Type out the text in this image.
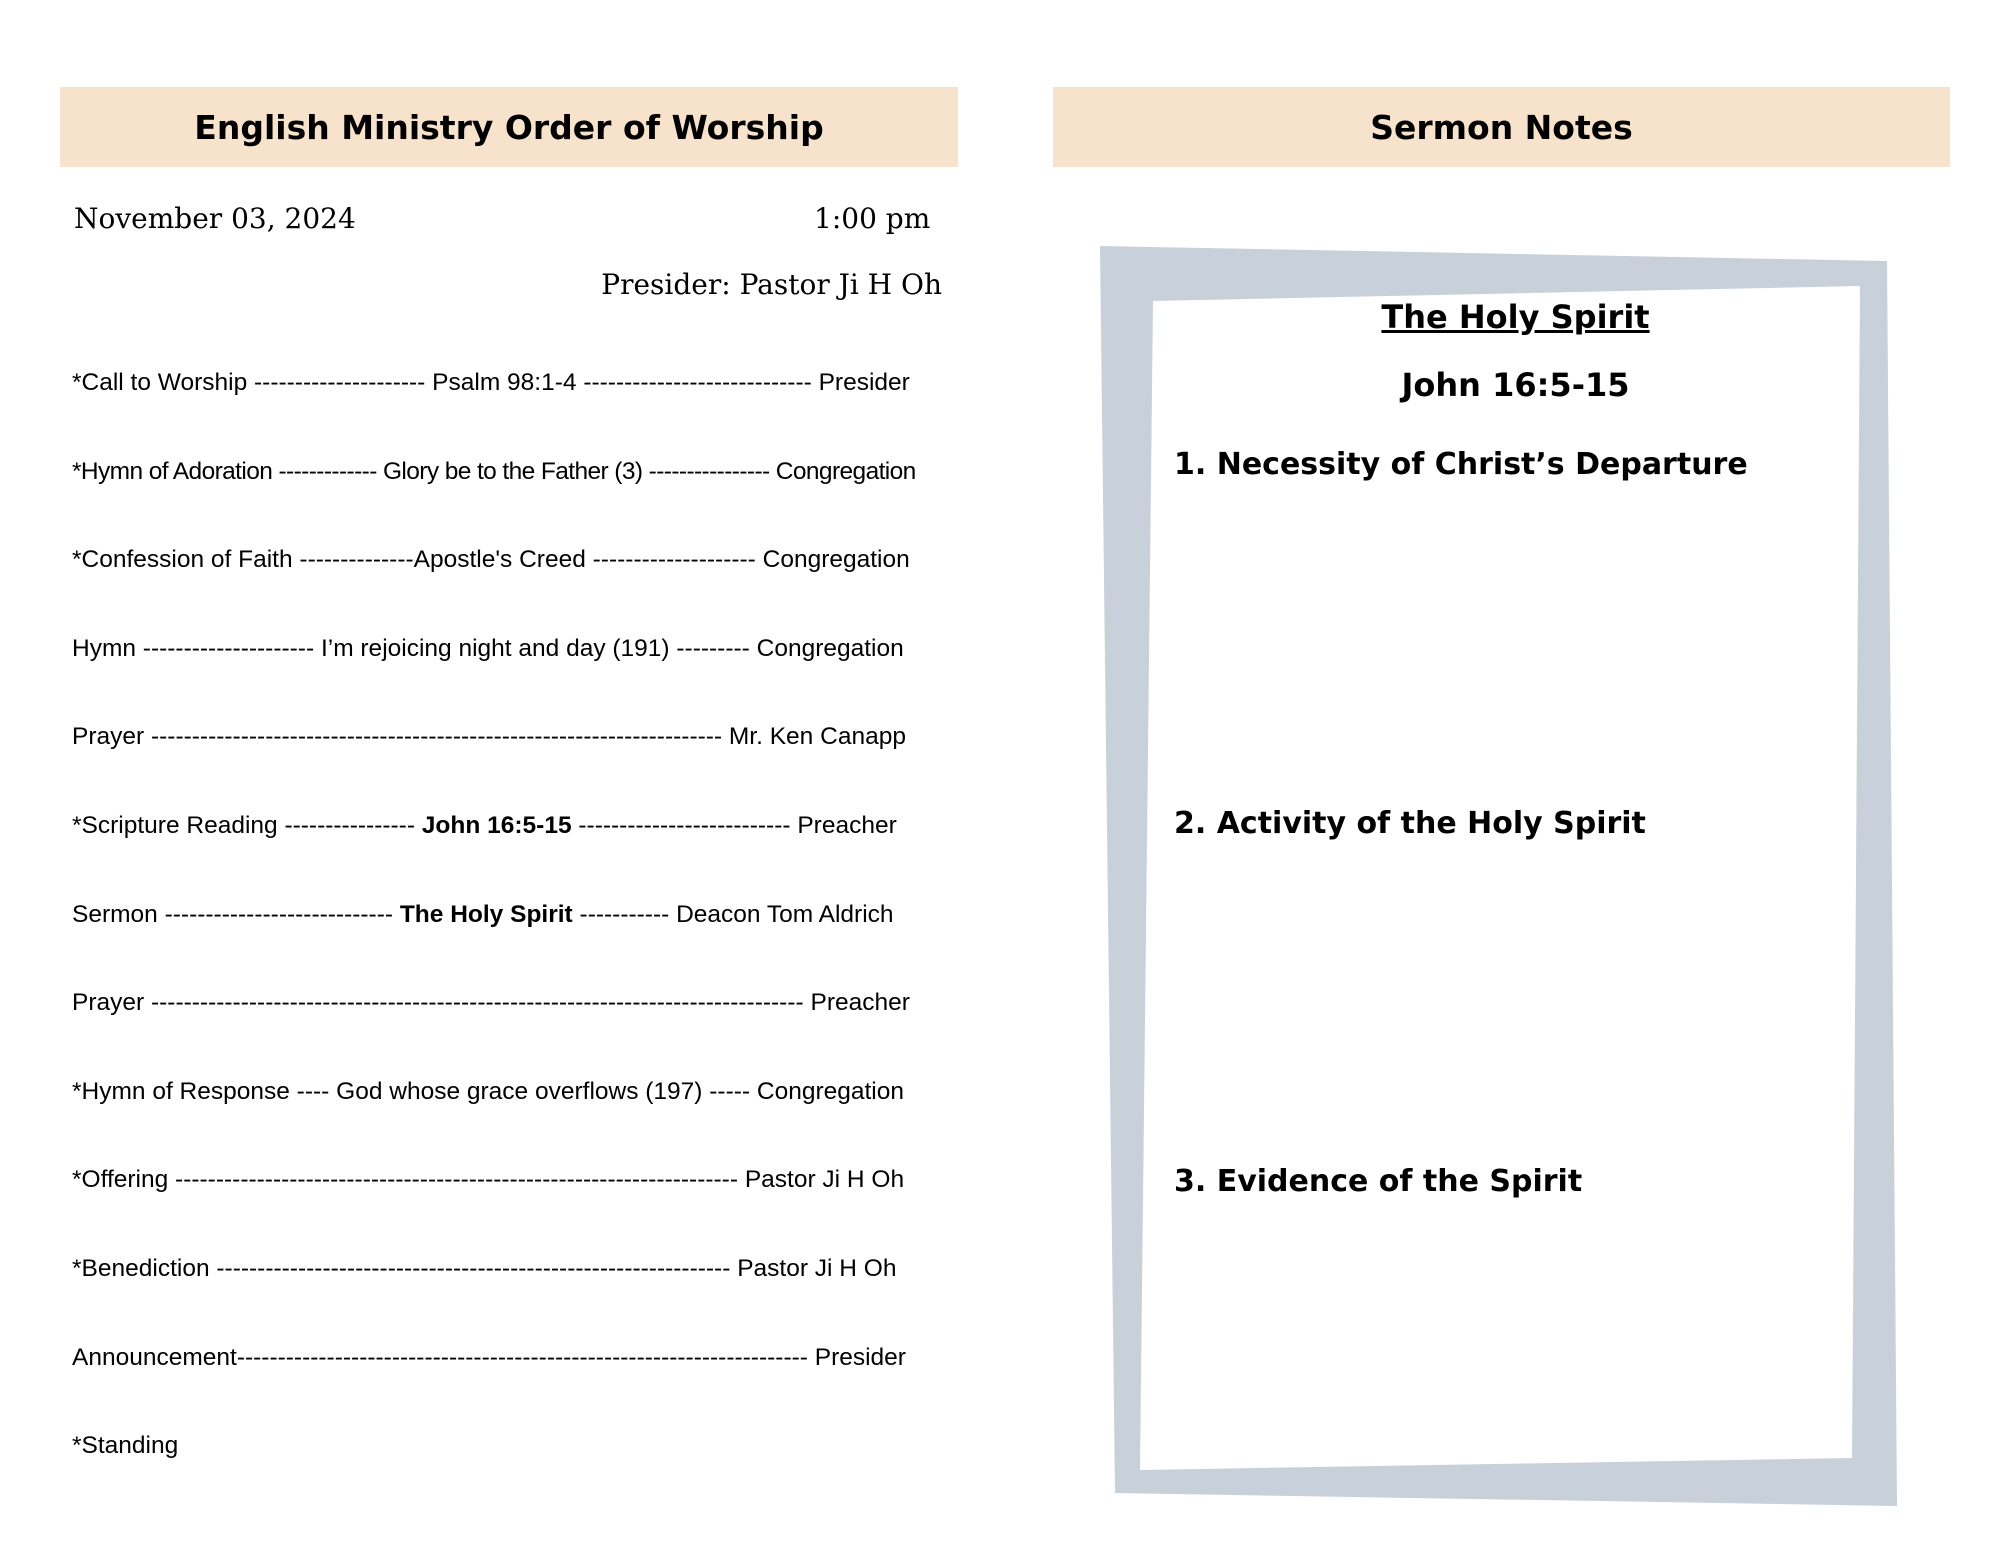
English Ministry Order of Worship	Sermon Notes
November 03, 2024	1:00 pm
Presider: Pastor Ji H Oh
*Call to Worship --------------------- Psalm 98:1-4 ---------------------------- Presider
*Hymn of Adoration ------------- Glory be to the Father (3) ---------------- Congregation
*Confession of Faith --------------Apostle's Creed -------------------- Congregation
Hymn --------------------- I’m rejoicing night and day (191) --------- Congregation
Prayer ---------------------------------------------------------------------- Mr. Ken Canapp
*Scripture Reading ---------------- John 16:5-15 -------------------------- Preacher
Sermon ---------------------------- The Holy Spirit ----------- Deacon Tom Aldrich
Prayer -------------------------------------------------------------------------------- Preacher
*Hymn of Response ---- God whose grace overflows (197) ----- Congregation
*Offering --------------------------------------------------------------------- Pastor Ji H Oh
*Benediction --------------------------------------------------------------- Pastor Ji H Oh
Announcement---------------------------------------------------------------------- Presider
*Standing
The Holy Spirit
John 16:5-15
1. Necessity of Christ’s Departure
2. Activity of the Holy Spirit
3. Evidence of the Spirit
